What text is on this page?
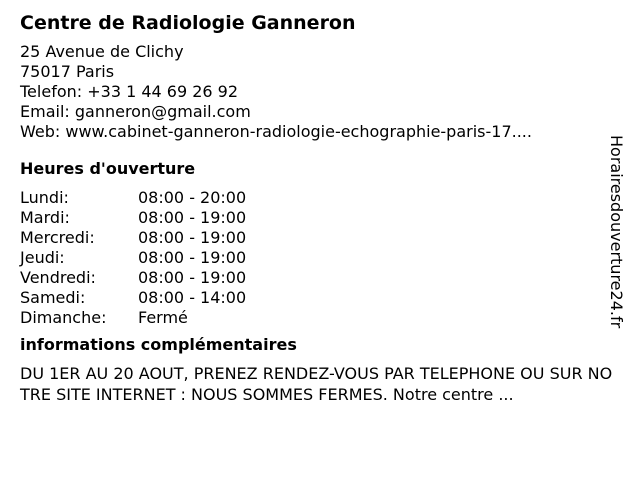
Centre de Radiologie Ganneron
25 Avenue de Clichy
75017 Paris
Telefon: +33 1 44 69 26 92
Email: ganneron@gmail.com
Web: www.cabinet-ganneron-radiologie-echographie-paris-17....
Heures d'ouverture
Lundi:	08:00 - 20:00
Mardi:	08:00 - 19:00
Mercredi:	08:00 - 19:00
Jeudi:	08:00 - 19:00
Vendredi:	08:00 - 19:00
Samedi:	08:00 - 14:00
Dimanche:	Fermé
informations complémentaires
DU 1ER AU 20 AOUT, PRENEZ RENDEZ-VOUS PAR TELEPHONE OU SUR NOTRE SITE INTERNET : NOUS SOMMES FERMES. Notre centre ...
Horairesdouverture24.fr
